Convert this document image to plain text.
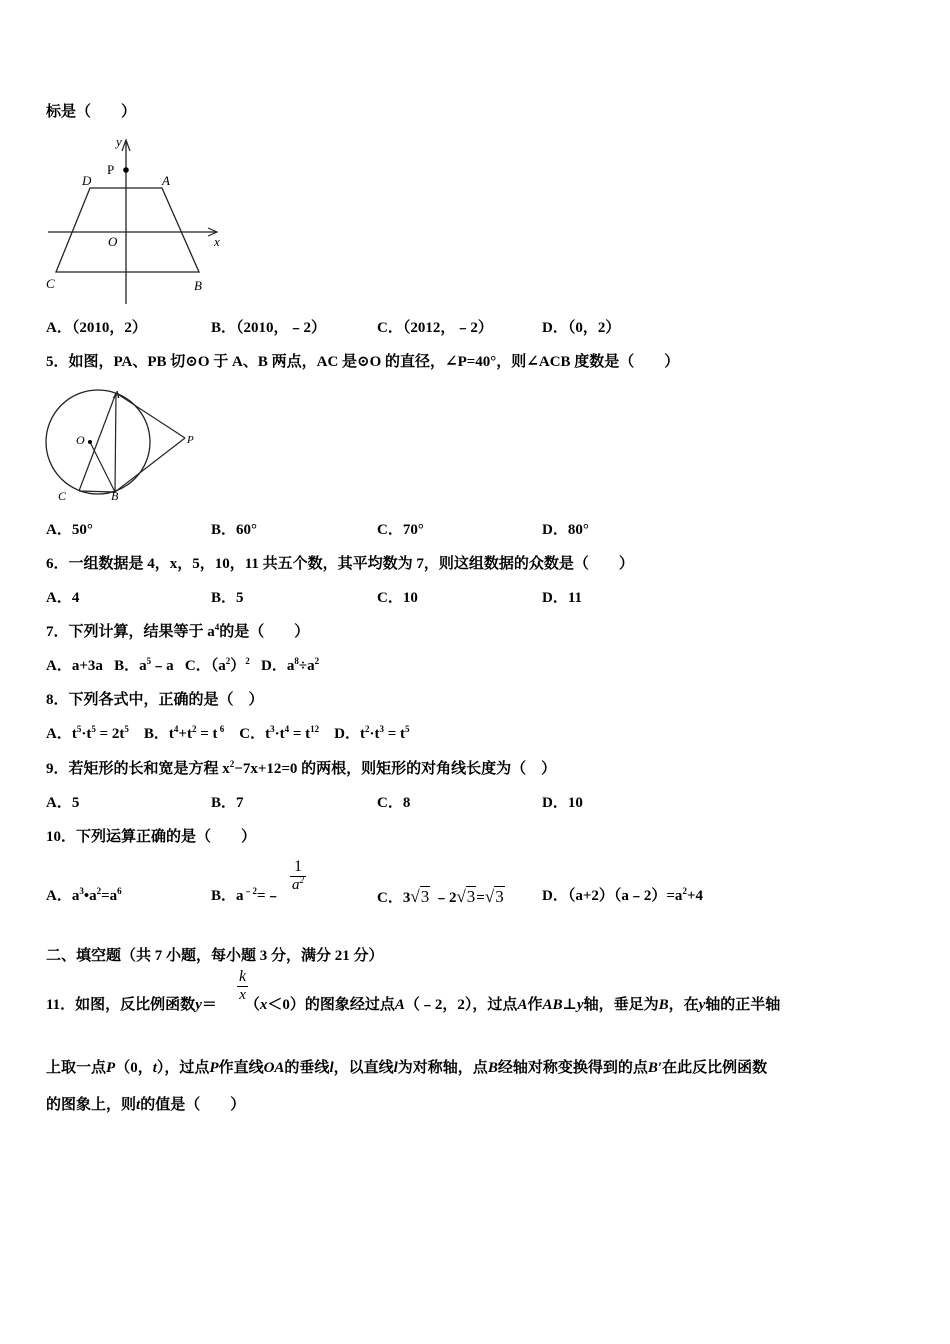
标是（　　）
y
P
D	A
O	x
C	B
A．（2010，2）	B．（2010，﹣2）	C．（2012，﹣2）	D．（0，2）
5．如图，PA、PB 切⊙O 于 A、B 两点，AC 是⊙O 的直径，∠P=40°，则∠ACB 度数是（　　）
A
O	P
C	B
A．50°	B．60°	C．70°	D．80°
6．一组数据是 4，x，5，10，11 共五个数，其平均数为 7，则这组数据的众数是（　　）
A．4	B．5	C．10	D．11
7．下列计算，结果等于 $a^4$的是（　　）
A．a+3a B．$a^5﹣a$ C．$(a^2)^2$ D．$a^8\div a^2$
8．下列各式中，正确的是（　）
A．$t^5\cdot t^5 = 2t^5$ B．$t^4+t^2 = t$ $^6$ C．$t^3\cdot t^4 = t^{12}$ D．$t^2\cdot t^3 = t^5$
9．若矩形的长和宽是方程 $x^2-7x+12=0$ 的两根，则矩形的对角线长度为（　）
A．5	B．7	C．8	D．10
10．下列运算正确的是（　　）
A．$a^3•a^2=a^6$	B．$a^{﹣2}=﹣$
$\frac{1}{a^2}$
C．3√3 ﹣2√3=√3	D．$(a+2)(a﹣2)=a^2+4$
二、填空题（共 7 小题，每小题 3 分，满分 21 分）
11．如图，反比例函数y＝ （x＜0）的图象经过点A（﹣2，2），过点A作AB⊥y轴，垂足为B，在y轴的正半轴
$\frac{k}{x}$
上取一点P（0，t），过点P作直线OA的垂线l，以直线l为对称轴，点B经轴对称变换得到的点B′在此反比例函数
的图象上，则t的值是（　　）
